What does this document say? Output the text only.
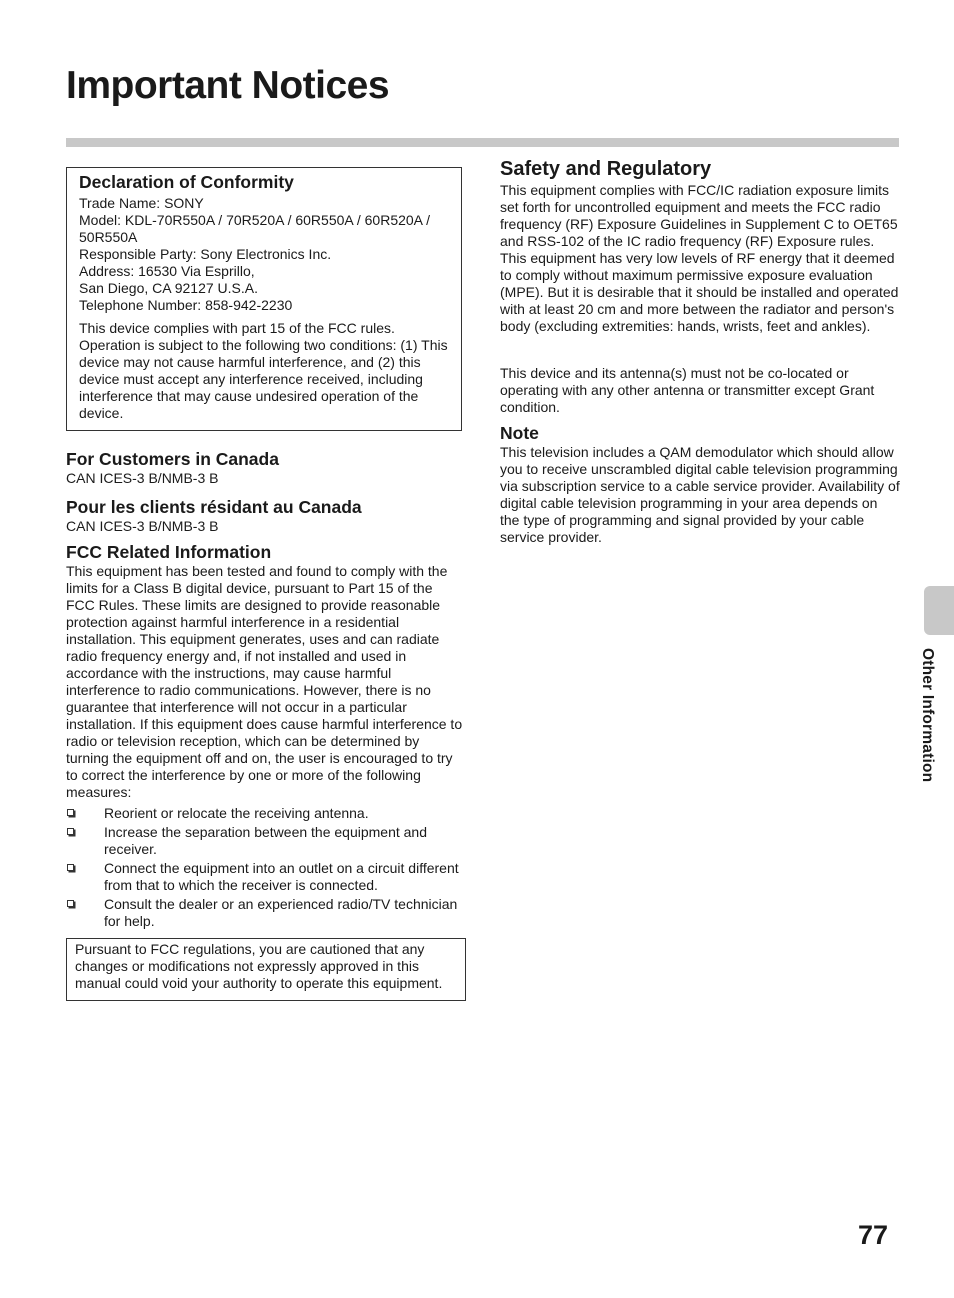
Important Notices
Declaration of Conformity

Trade Name: SONY

Model: KDL-70R550A / 70R520A / 60R550A / 60R520A / 50R550A

Responsible Party: Sony Electronics Inc.

Address: 16530 Via Esprillo,

San Diego, CA 92127 U.S.A.

Telephone Number: 858-942-2230

This device complies with part 15 of the FCC rules. Operation is subject to the following two conditions: (1) This device may not cause harmful interference, and (2) this device must accept any interference received, including interference that may cause undesired operation of the device.

For Customers in Canada

CAN ICES-3 B/NMB-3 B

Pour les clients résidant au Canada

CAN ICES-3 B/NMB-3 B

FCC Related Information

This equipment has been tested and found to comply with the limits for a Class B digital device, pursuant to Part 15 of the FCC Rules. These limits are designed to provide reasonable protection against harmful interference in a residential installation. This equipment generates, uses and can radiate radio frequency energy and, if not installed and used in accordance with the instructions, may cause harmful interference to radio communications. However, there is no guarantee that interference will not occur in a particular installation. If this equipment does cause harmful interference to radio or television reception, which can be determined by turning the equipment off and on, the user is encouraged to try to correct the interference by one or more of the following measures:

Reorient or relocate the receiving antenna.
Increase the separation between the equipment and receiver.
Connect the equipment into an outlet on a circuit different from that to which the receiver is connected.
Consult the dealer or an experienced radio/TV technician for help.

Pursuant to FCC regulations, you are cautioned that any changes or modifications not expressly approved in this manual could void your authority to operate this equipment.

Safety and Regulatory

This equipment complies with FCC/IC radiation exposure limits set forth for uncontrolled equipment and meets the FCC radio frequency (RF) Exposure Guidelines in Supplement C to OET65 and RSS-102 of the IC radio frequency (RF) Exposure rules. This equipment has very low levels of RF energy that it deemed to comply without maximum permissive exposure evaluation (MPE). But it is desirable that it should be installed and operated with at least 20 cm and more between the radiator and person's body (excluding extremities: hands, wrists, feet and ankles).

This device and its antenna(s) must not be co-located or operating with any other antenna or transmitter except Grant condition.

Note

This television includes a QAM demodulator which should allow you to receive unscrambled digital cable television programming via subscription service to a cable service provider. Availability of digital cable television programming in your area depends on the type of programming and signal provided by your cable service provider.

Other Information
77
